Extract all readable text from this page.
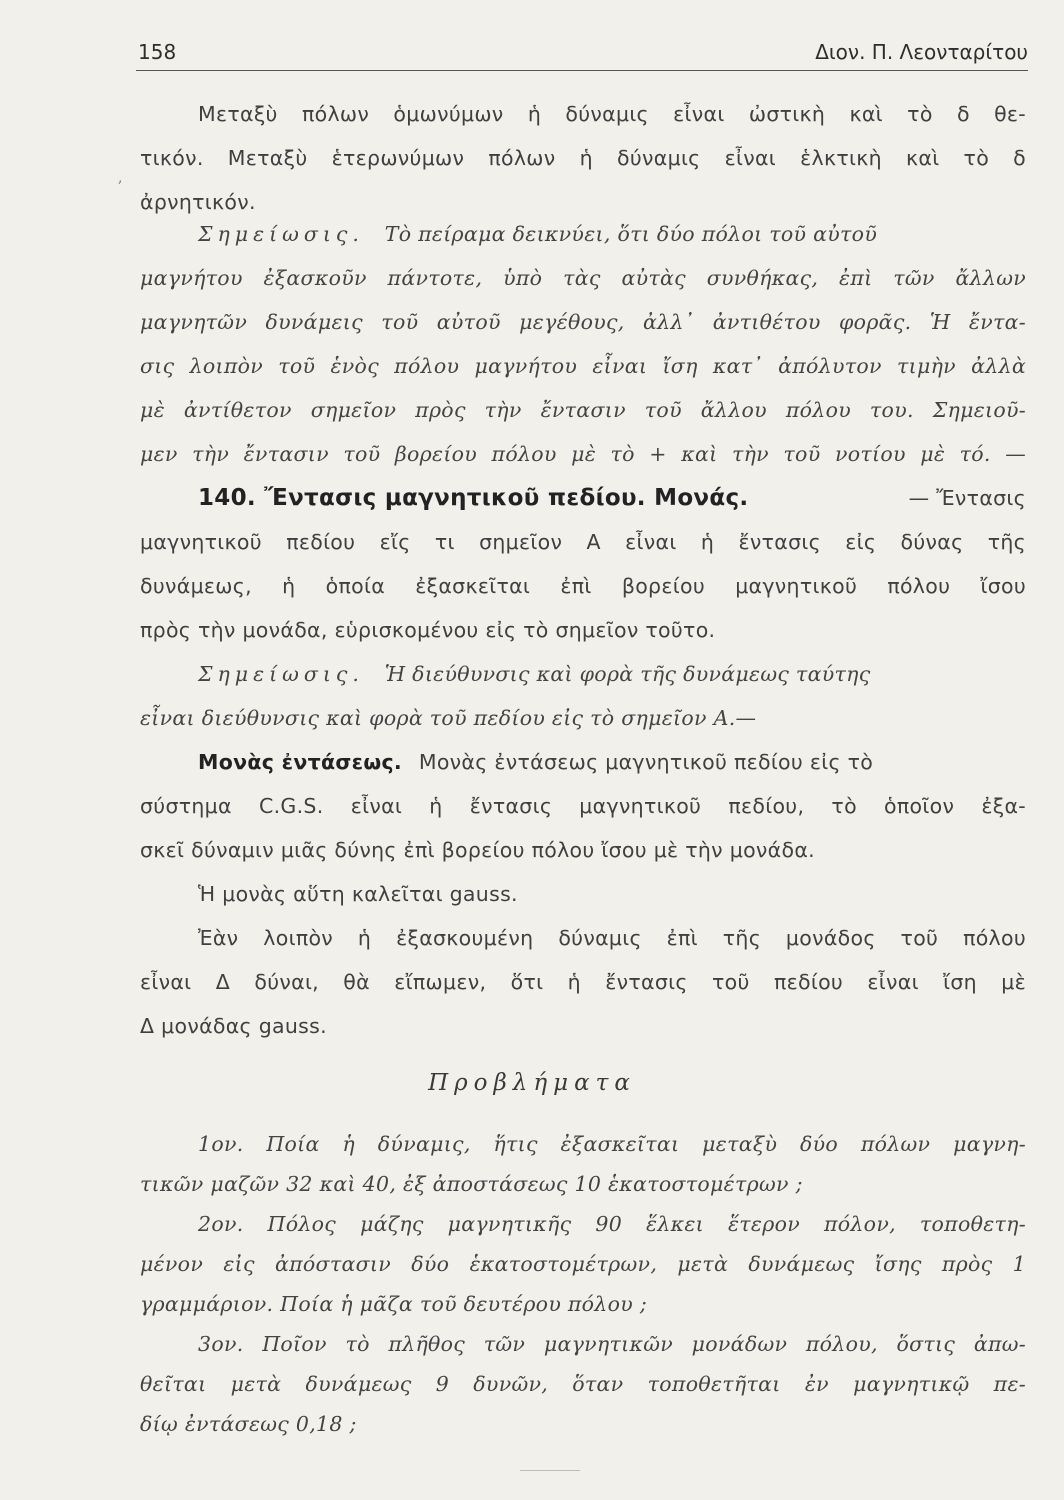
158	Διον. Π. Λεονταρίτου
,
Μεταξὺ πόλων ὁμωνύμων ἡ δύναμις εἶναι ὠστικὴ καὶ τὸ δ θε-
τικόν. Μεταξὺ ἑτερωνύμων πόλων ἡ δύναμις εἶναι ἑλκτικὴ καὶ τὸ δ
ἀρνητικόν.
Σημείωσις. Τὸ πείραμα δεικνύει, ὅτι δύο πόλοι τοῦ αὐτοῦ
μαγνήτου ἐξασκοῦν πάντοτε, ὑπὸ τὰς αὐτὰς συνθήκας, ἐπὶ τῶν ἄλλων
μαγνητῶν δυνάμεις τοῦ αὐτοῦ μεγέθους, ἀλλ᾽ ἀντιθέτου φορᾶς. Ἡ ἔντα-
σις λοιπὸν τοῦ ἑνὸς πόλου μαγνήτου εἶναι ἴση κατ᾽ ἀπόλυτον τιμὴν ἀλλὰ
μὲ ἀντίθετον σημεῖον πρὸς τὴν ἔντασιν τοῦ ἄλλου πόλου του. Σημειοῦ-
μεν τὴν ἔντασιν τοῦ βορείου πόλου μὲ τὸ + καὶ τὴν τοῦ νοτίου μὲ τό. —
140. Ἔντασις μαγνητικοῦ πεδίου. Μονάς.	— Ἔντασις
μαγνητικοῦ πεδίου εἴς τι σημεῖον Α εἶναι ἡ ἔντασις εἰς δύνας τῆς
δυνάμεως, ἡ ὁποία ἐξασκεῖται ἐπὶ βορείου μαγνητικοῦ πόλου ἴσου
πρὸς τὴν μονάδα, εὑρισκομένου εἰς τὸ σημεῖον τοῦτο.
Σημείωσις. Ἡ διεύθυνσις καὶ φορὰ τῆς δυνάμεως ταύτης
εἶναι διεύθυνσις καὶ φορὰ τοῦ πεδίου εἰς τὸ σημεῖον Α.—
Μονὰς ἐντάσεως. Μονὰς ἐντάσεως μαγνητικοῦ πεδίου εἰς τὸ
σύστημα C.G.S. εἶναι ἡ ἔντασις μαγνητικοῦ πεδίου, τὸ ὁποῖον ἐξα-
σκεῖ δύναμιν μιᾶς δύνης ἐπὶ βορείου πόλου ἴσου μὲ τὴν μονάδα.
Ἡ μονὰς αὕτη καλεῖται gauss.
Ἐὰν λοιπὸν ἡ ἐξασκουμένη δύναμις ἐπὶ τῆς μονάδος τοῦ πόλου
εἶναι Δ δύναι, θὰ εἴπωμεν, ὅτι ἡ ἔντασις τοῦ πεδίου εἶναι ἴση μὲ
Δ μονάδας gauss.
Προβλήματα
1ον. Ποία ἡ δύναμις, ἥτις ἐξασκεῖται μεταξὺ δύο πόλων μαγνη-
τικῶν μαζῶν 32 καὶ 40, ἐξ ἀποστάσεως 10 ἑκατοστομέτρων ;
2ον. Πόλος μάζης μαγνητικῆς 90 ἕλκει ἕτερον πόλον, τοποθετη-
μένον εἰς ἀπόστασιν δύο ἑκατοστομέτρων, μετὰ δυνάμεως ἴσης πρὸς 1
γραμμάριον. Ποία ἡ μᾶζα τοῦ δευτέρου πόλου ;
3ον. Ποῖον τὸ πλῆθος τῶν μαγνητικῶν μονάδων πόλου, ὅστις ἀπω-
θεῖται μετὰ δυνάμεως 9 δυνῶν, ὅταν τοποθετῆται ἐν μαγνητικῷ πε-
δίῳ ἐντάσεως 0,18 ;
